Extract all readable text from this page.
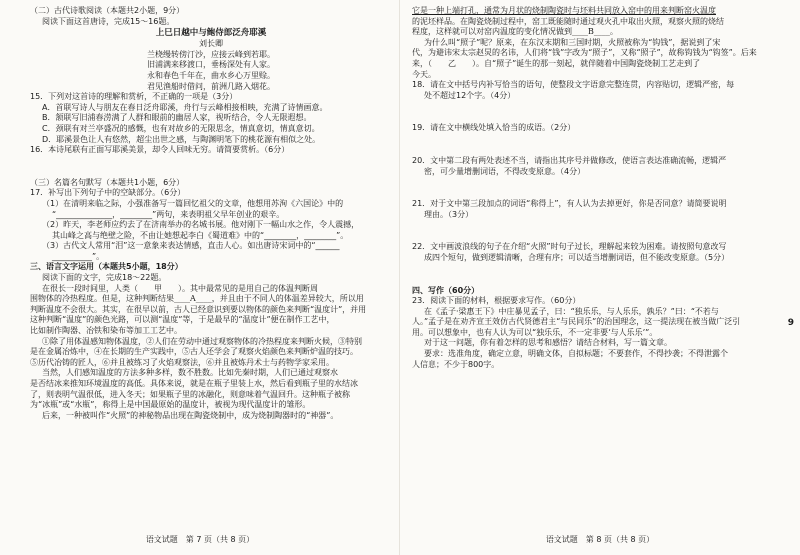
（二）古代诗歌阅读（本题共2小题，9分）
阅读下面这首唐诗，完成15～16题。
上巳日越中与鲍侍郎泛舟耶溪
刘长卿
兰桡缦转傍汀沙，应接云峰到若耶。
旧浦满来移渡口，垂杨深处有人家。
永和春色千年在，曲水乡心万里赊。
君见渔船时借问，前洲几路入烟花。
15．下列对这首诗的理解和赏析，不正确的一项是（3分）
A．首联写诗人与朋友在春日泛舟耶溪，舟行与云峰相接相映，充满了诗情画意。
B．颔联写旧浦春涝满了人群和眼前的幽居人家，视听结合，令人无限遐想。
C．颈联有对兰亭盛况的感慨，也有对故乡的无限思念，情真意切，情真意切。
D．耶溪景色让人有悠然，超尘出世之感，与陶渊明笔下的桃花源有相似之处。
16．本诗尾联有正面写耶溪美景，却令人回味无穷。请简要赏析。（6分）
（三）名篇名句默写（本题共1小题，6分）
17．补写出下列句子中的空缺部分。（6分）
（1）在清明来临之际，小强准备写一篇回忆祖父的文章，他想用苏洵《六国论》中的
“______________，________”两句，来表明祖父早年创业的艰辛。
（2）昨天，李老师应约去了在济南举办的名城书展。他对刚下一幅山水之作，令人震撼，
其山峰之高与绝壁之险，不由让她想起李白《蜀道难》中的“________，________”。
（3）古代文人常用“泪”这一意象来表达情感，直击人心。如出唐诗宋词中的“______
__________”。
三、语言文字运用（本题共5小题，18分）
阅读下面的文字，完成18～22题。
在很长一段时间里，人类（　　甲　　）。其中最常见的是用自己的体温判断周
围物体的冷热程度。但是，这种判断结果____A____，并且由于不同人的体温差异较大，所以用
判断温度不会很大。其实，在很早以前，古人已经意识到要以物体的颜色来判断“温度计”，并用
这种判断“温度”的颜色光路，可以测“温度”等，于是最早的“温度计”便在制作工艺中，
比如制作陶器、冶铁和染布等加工工艺中。
①除了用体温感知物体温度，②人们在劳动中通过观察物体的冷热程度来判断火候，③特别
是在金属冶炼中，④在长期的生产实践中，⑤古人还学会了观察火焰颜色来判断炉温的技巧。
⑤历代冶铸的匠人，⑥并且被练习了火焰观察法，⑥并且被炼丹术士与药物学家采用。
当然，人们感知温度的方法多种多样，数不胜数。比如先秦时期，人们已通过观察水
是否结冰来推知环境温度的高低。具体来说，就是在瓶子里装上水，然后看到瓶子里的水结冰
了，则表明气温很低，进入冬天；如果瓶子里的冰融化，则意味着气温回升。这种瓶子被称
为“冰瓶”或“水瓶”，称得上是中国最原始的温度计，被视为现代温度计的雏形。
后来，一种被叫作“火照”的神秘物品出现在陶瓷烧制中，成为烧制陶器时的“神器”。
语文试题　第 7 页（共 8 页）
它是一种上端打孔，通常为月状的烧制陶瓷时与坯料共同放入窑中的用来判断窑火温度
的泥坯样品。在陶瓷烧制过程中，窑工既能随时通过观火孔中取出火照，观察火照的烧结
程度，这样就可以对窑内温度的变化情况做到____B____。
为什么叫“照子”呢？原来，在东汉末期和三国时期，火照被称为“钩钱”，据说到了宋
代，为避讳宋太宗赵炅的名讳，人们将“钱”字改为“照子”，又称“照子”，故称钩钱为“钩签”。后来
来，（　　乙　　）。自“照子”诞生的那一刻起，就伴随着中国陶瓷烧制工艺走到了
今天。
18．请在文中括号内补写恰当的语句，使整段文字语意完整连贯，内容贴切，逻辑严密，每
处不超过12个字。（4分）
19．请在文中横线处填入恰当的成语。（2分）
20．文中第二段有两处表述不当，请指出其序号并做修改，使语言表达准确流畅，逻辑严
密，可少量增删词语，不得改变原意。（4分）
21．对于文中第三段加点的词语“称得上”，有人认为去掉更好，你是否同意？请简要说明
理由。（3分）
22．文中画波浪线的句子在介绍“火照”时句子过长，理解起来较为困难。请按照句意改写
成四个短句，做到逻辑清晰，合理有序；可以适当增删词语，但不能改变原意。（5分）
四、写作（60分）
23．阅读下面的材料，根据要求写作。（60分）
在《孟子·梁惠王下》中庄暴见孟子，曰：“独乐乐，与人乐乐，孰乐？”曰：“不若与
人。”孟子是在劝齐宣王效仿古代贤德君主“与民同乐”的治国理念，这一提法现在被当做广泛引
用。可以想象中，也有人认为可以“独乐乐，不一定非要‘与人乐乐’”。
对于这一问题，你有着怎样的思考和感悟？请结合材料，写一篇文章。
要求：选准角度，确定立意，明确文体，自拟标题；不要套作，不得抄袭；不得泄露个
人信息；不少于800字。
语文试题　第 8 页（共 8 页）
9
